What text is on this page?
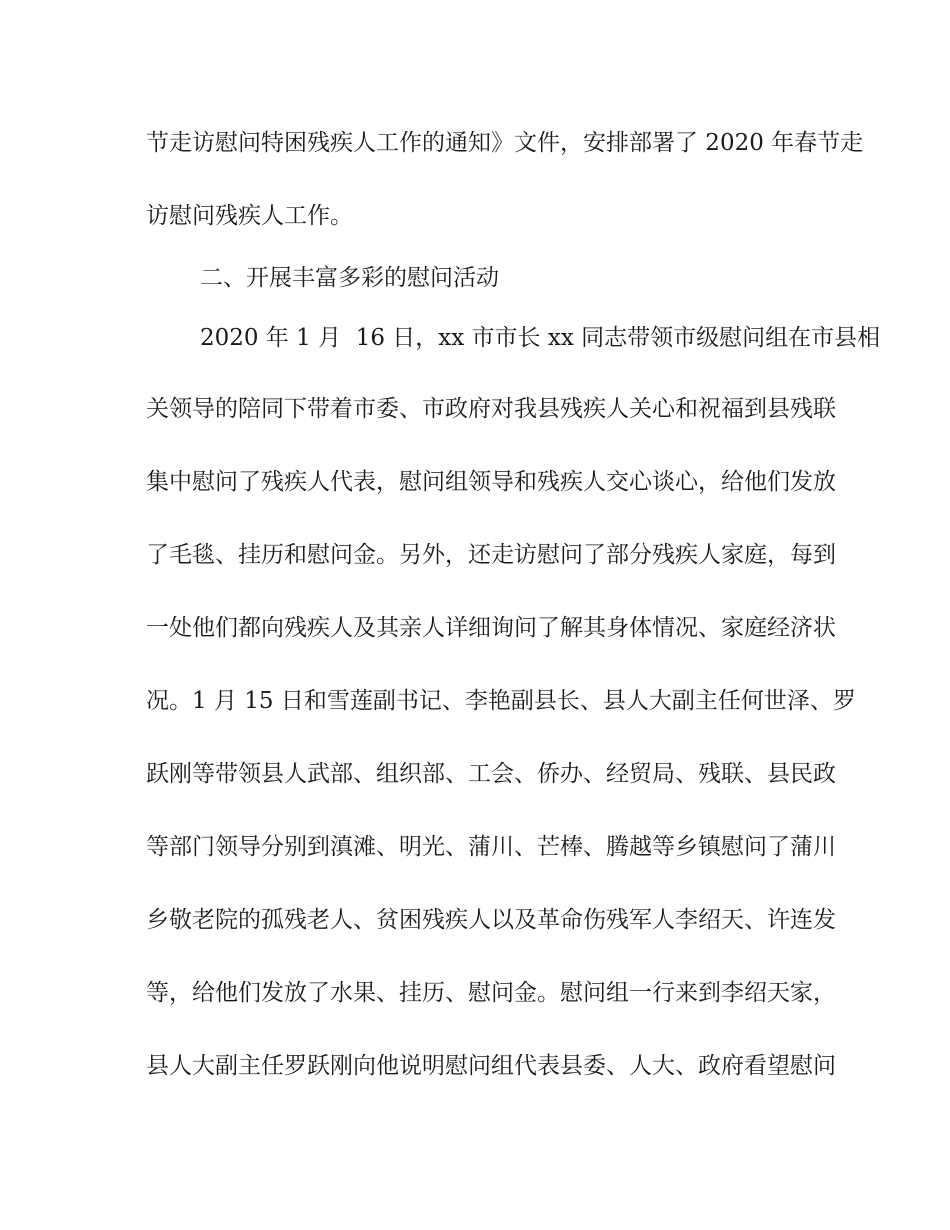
节走访慰问特困残疾人工作的通知》文件，安排部署了 2020 年春节走
访慰问残疾人工作。
二、开展丰富多彩的慰问活动
2020 年 1 月  16 日，xx 市市长 xx 同志带领市级慰问组在市县相
关领导的陪同下带着市委、市政府对我县残疾人关心和祝福到县残联
集中慰问了残疾人代表，慰问组领导和残疾人交心谈心，给他们发放
了毛毯、挂历和慰问金。另外，还走访慰问了部分残疾人家庭，每到
一处他们都向残疾人及其亲人详细询问了解其身体情况、家庭经济状
况。1 月 15 日和雪莲副书记、李艳副县长、县人大副主任何世泽、罗
跃刚等带领县人武部、组织部、工会、侨办、经贸局、残联、县民政
等部门领导分别到滇滩、明光、蒲川、芒棒、腾越等乡镇慰问了蒲川
乡敬老院的孤残老人、贫困残疾人以及革命伤残军人李绍天、许连发
等，给他们发放了水果、挂历、慰问金。慰问组一行来到李绍天家，
县人大副主任罗跃刚向他说明慰问组代表县委、人大、政府看望慰问
